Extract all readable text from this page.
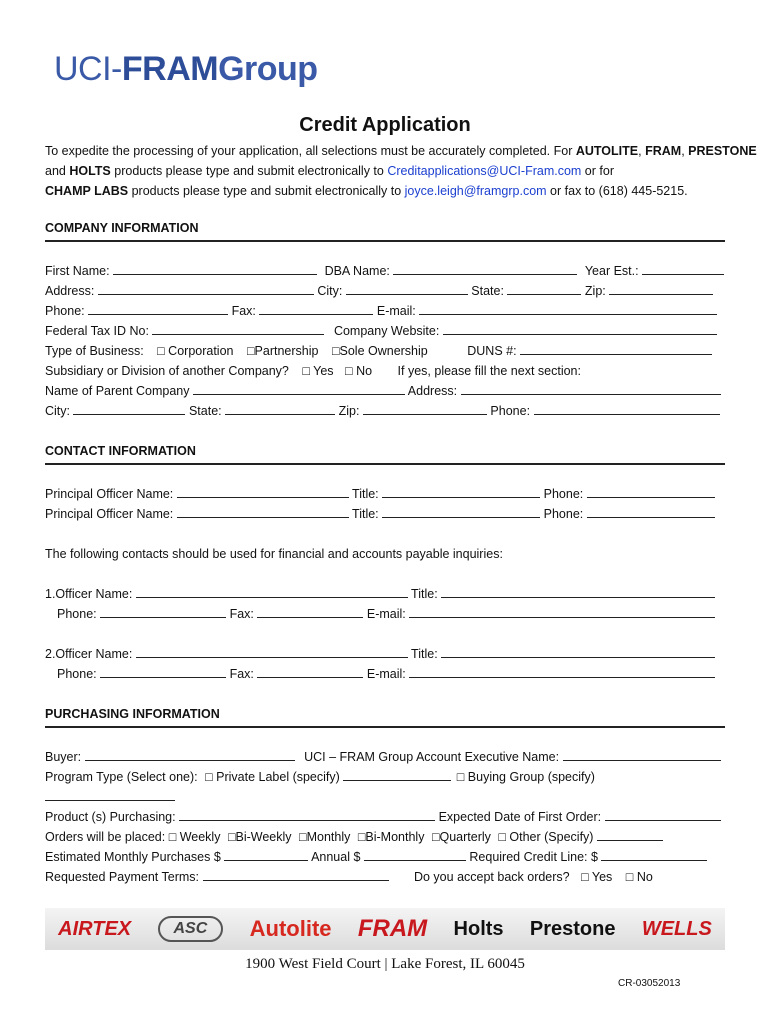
UCI-FRAMGroup
Credit Application
To expedite the processing of your application, all selections must be accurately completed. For AUTOLITE, FRAM, PRESTONE
and HOLTS products please type and submit electronically to Creditapplications@UCI-Fram.com or for
CHAMP LABS products please type and submit electronically to joyce.leigh@framgrp.com or fax to (618) 445-5215.
COMPANY INFORMATION
First Name:	DBA Name:	Year Est.:
Address:	City:	State:	Zip:
Phone:	Fax:	E-mail:
Federal Tax ID No:	Company Website:
Type of Business: □ Corporation □Partnership □Sole Ownership	DUNS #:
Subsidiary or Division of another Company? □ Yes □ No If yes, please fill the next section:
Name of Parent Company	Address:
City:	State:	Zip:	Phone:
CONTACT INFORMATION
Principal Officer Name:	Title:	Phone:
Principal Officer Name:	Title:	Phone:
The following contacts should be used for financial and accounts payable inquiries:
1.Officer Name:	Title:
Phone:	Fax:	E-mail:
2.Officer Name:	Title:
Phone:	Fax:	E-mail:
PURCHASING INFORMATION
Buyer:	UCI – FRAM Group Account Executive Name:
Program Type (Select one): □ Private Label (specify)	□ Buying Group (specify)
Product (s) Purchasing:	Expected Date of First Order:
Orders will be placed: □ Weekly □Bi-Weekly □Monthly □Bi-Monthly □Quarterly □ Other (Specify)
Estimated Monthly Purchases $	Annual $	Required Credit Line: $
Requested Payment Terms:	Do you accept back orders? □ Yes □ No
AIRTEX	ASC	Autolite FRAM Holts Prestone WELLS
1900 West Field Court | Lake Forest, IL 60045
CR-03052013
